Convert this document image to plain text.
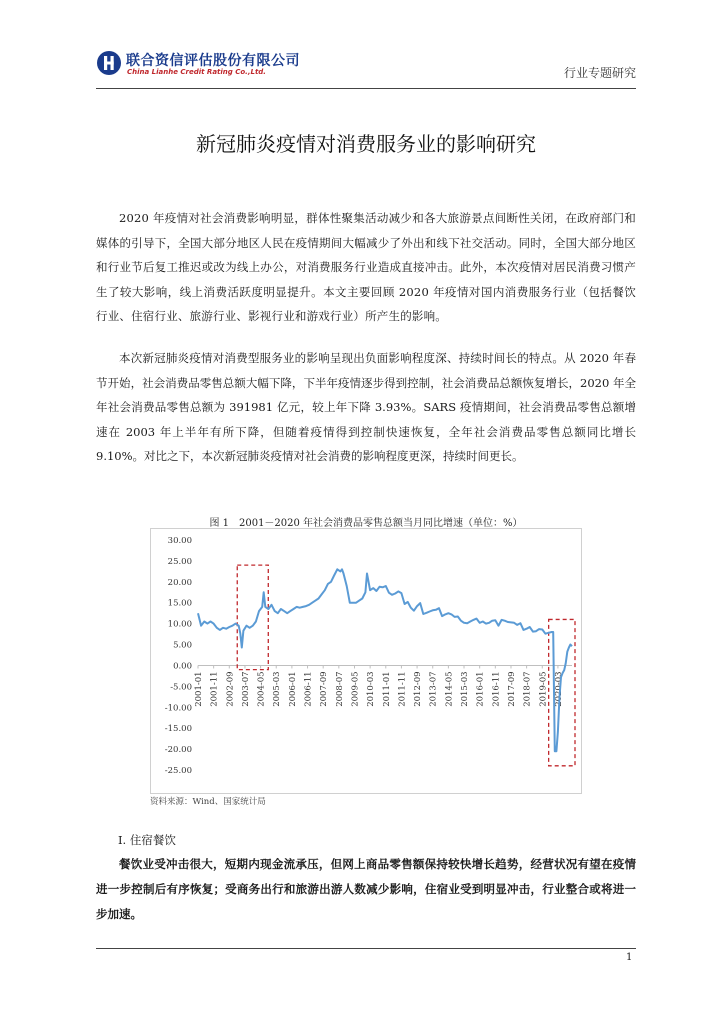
联合资信评估股份有限公司
China Lianhe Credit Rating Co.,Ltd.	行业专题研究
新冠肺炎疫情对消费服务业的影响研究

2020 年疫情对社会消费影响明显，群体性聚集活动减少和各大旅游景点间断性关闭，在政府部门和媒体的引导下，全国大部分地区人民在疫情期间大幅减少了外出和线下社交活动。同时，全国大部分地区和行业节后复工推迟或改为线上办公，对消费服务行业造成直接冲击。此外，本次疫情对居民消费习惯产生了较大影响，线上消费活跃度明显提升。本文主要回顾 2020 年疫情对国内消费服务行业（包括餐饮行业、住宿行业、旅游行业、影视行业和游戏行业）所产生的影响。

本次新冠肺炎疫情对消费型服务业的影响呈现出负面影响程度深、持续时间长的特点。从 2020 年春节开始，社会消费品零售总额大幅下降，下半年疫情逐步得到控制，社会消费品总额恢复增长，2020 年全年社会消费品零售总额为 391981 亿元，较上年下降 3.93%。SARS 疫情期间，社会消费品零售总额增速在 2003 年上半年有所下降，但随着疫情得到控制快速恢复，全年社会消费品零售总额同比增长 9.10%。对比之下，本次新冠肺炎疫情对社会消费的影响程度更深，持续时间更长。

图 1　2001－2020 年社会消费品零售总额当月同比增速（单位：%）
30.00
25.00
20.00
15.00
10.00
5.00
0.00
-5.00
-10.00
-15.00
-20.00
-25.00
2001-01 2001-11 2002-09 2003-07 2004-05 2005-03 2006-01 2006-11 2007-09 2008-07 2009-05 2010-03 2011-01 2011-11 2012-09 2013-07 2014-05 2015-03 2016-01 2016-11 2017-09 2018-07 2019-05 2020-03
资料来源：Wind、国家统计局
I. 住宿餐饮

餐饮业受冲击很大，短期内现金流承压，但网上商品零售额保持较快增长趋势，经营状况有望在疫情进一步控制后有序恢复；受商务出行和旅游出游人数减少影响，住宿业受到明显冲击，行业整合或将进一步加速。

1
